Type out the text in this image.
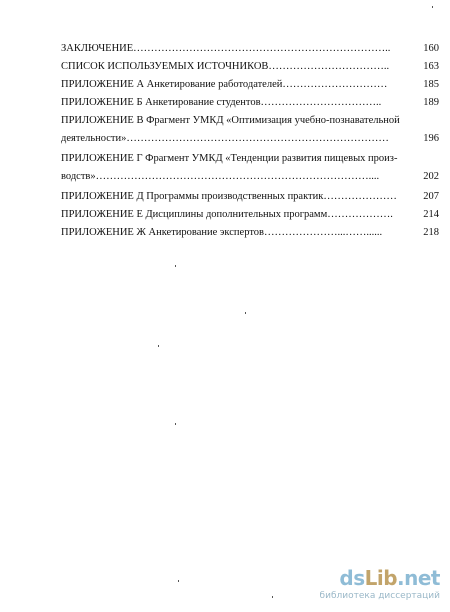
ЗАКЛЮЧЕНИЕ………………………………………………………………..	160
СПИСОК ИСПОЛЬЗУЕМЫХ ИСТОЧНИКОВ……………………………..	163
ПРИЛОЖЕНИЕ А Анкетирование работодателей…………………………	185
ПРИЛОЖЕНИЕ Б Анкетирование студентов……………………………..	189
ПРИЛОЖЕНИЕ В Фрагмент УМКД «Оптимизация учебно-познавательной
деятельности»…………………………………………………………………	196
ПРИЛОЖЕНИЕ Г Фрагмент УМКД «Тенденции развития пищевых произ-
водств»……………………………………………………………………....	202
ПРИЛОЖЕНИЕ Д Программы производственных практик…………………	207
ПРИЛОЖЕНИЕ Е Дисциплины дополнительных программ……………….	214
ПРИЛОЖЕНИЕ Ж Анкетирование экспертов…………………...……......	218
dsLib.net
библиотека диссертаций
